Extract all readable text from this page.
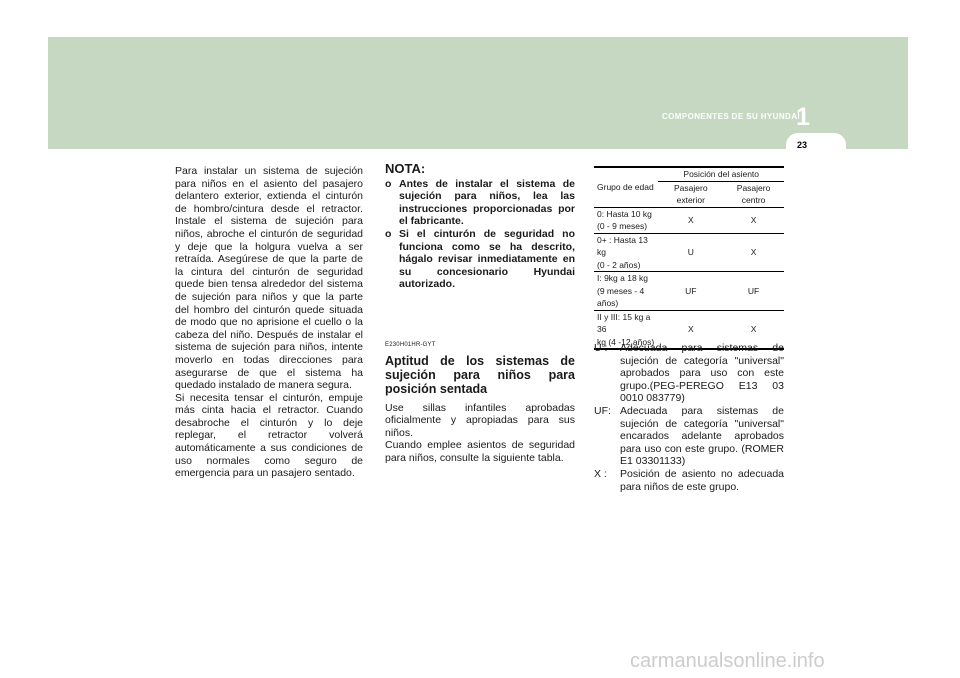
COMPONENTES DE SU HYUNDAI
1
23
Para instalar un sistema de sujeción para niños en el asiento del pasajero delantero exterior, extienda el cinturón de hombro/cintura desde el retractor. Instale el sistema de sujeción para niños, abroche el cinturón de seguridad y deje que la holgura vuelva a ser retraída. Asegúrese de que la parte de la cintura del cinturón de seguridad quede bien tensa alrededor del sistema de sujeción para niños y que la parte del hombro del cinturón quede situada de modo que no aprisione el cuello o la cabeza del niño. Después de instalar el sistema de sujeción para niños, intente moverlo en todas direcciones para asegurarse de que el sistema ha quedado instalado de manera segura.
Si necesita tensar el cinturón, empuje más cinta hacia el retractor. Cuando desabroche el cinturón y lo deje replegar, el retractor volverá automáticamente a sus condiciones de uso normales como seguro de emergencia para un pasajero sentado.
NOTA:
o Antes de instalar el sistema de sujeción para niños, lea las instrucciones proporcionadas por el fabricante.
o Si el cinturón de seguridad no funciona como se ha descrito, hágalo revisar inmediatamente en su concesionario Hyundai autorizado.
E230H01HR-GYT
Aptitud de los sistemas de sujeción para niños para posición sentada
Use sillas infantiles aprobadas oficialmente y apropiadas para sus niños.
Cuando emplee asientos de seguridad para niños, consulte la siguiente tabla.
Grupo de edad	Posición del asiento	
	Pasajero exterior	Pasajero centro

0: Hasta 10 kg
(0 - 9 meses)	X	X

0+ : Hasta 13 kg
(0 - 2 años)	U	X

I: 9kg a 18 kg
(9 meses - 4
años)	UF	UF

II y III: 15 kg a 36
kg (4 -12 años)	X	X
U :	Adecuada para sistemas de sujeción de categoría "universal" aprobados para uso con este grupo.(PEG-PEREGO E13 03 0010 083779)
UF: Adecuada para sistemas de sujeción de categoría "universal" encarados adelante aprobados para uso con este grupo. (ROMER E1 03301133)
X :	Posición de asiento no adecuada para niños de este grupo.
carmanualsonline.info
